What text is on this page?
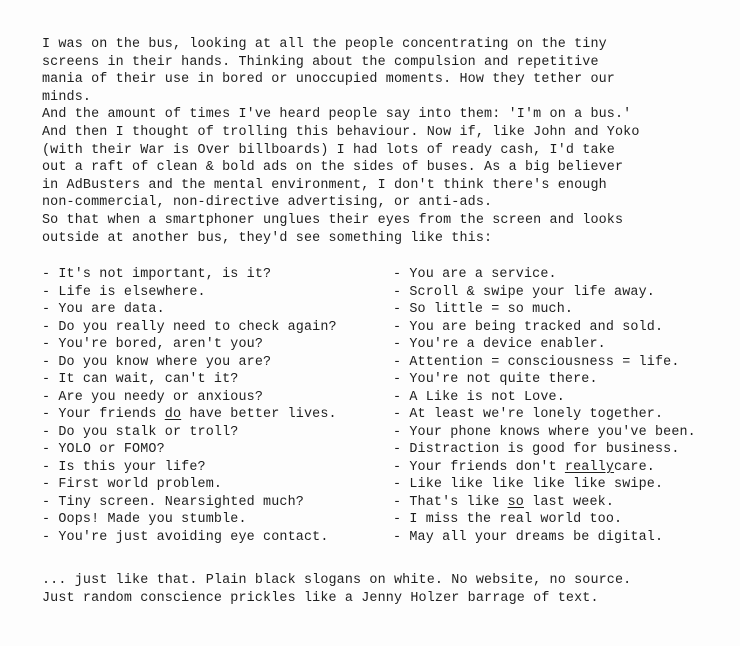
I was on the bus, looking at all the people concentrating on the tiny
screens in their hands. Thinking about the compulsion and repetitive
mania of their use in bored or unoccupied moments. How they tether our
minds.
And the amount of times I've heard people say into them: 'I'm on a bus.'
And then I thought of trolling this behaviour. Now if, like John and Yoko
(with their War is Over billboards) I had lots of ready cash, I'd take
out a raft of clean & bold ads on the sides of buses. As a big believer
in AdBusters and the mental environment, I don't think there's enough
non-commercial, non-directive advertising, or anti-ads.
So that when a smartphoner unglues their eyes from the screen and looks
outside at another bus, they'd see something like this:
- It's not important, is it?
- Life is elsewhere.
- You are data.
- Do you really need to check again?
- You're bored, aren't you?
- Do you know where you are?
- It can wait, can't it?
- Are you needy or anxious?
- Your friends do have better lives.
- Do you stalk or troll?
- YOLO or FOMO?
- Is this your life?
- First world problem.
- Tiny screen. Nearsighted much?
- Oops! Made you stumble.
- You're just avoiding eye contact.
- You are a service.
- Scroll & swipe your life away.
- So little = so much.
- You are being tracked and sold.
- You're a device enabler.
- Attention = consciousness = life.
- You're not quite there.
- A Like is not Love.
- At least we're lonely together.
- Your phone knows where you've been.
- Distraction is good for business.
- Your friends don't reallycare.
- Like like like like like swipe.
- That's like so last week.
- I miss the real world too.
- May all your dreams be digital.
... just like that. Plain black slogans on white. No website, no source.
Just random conscience prickles like a Jenny Holzer barrage of text.
